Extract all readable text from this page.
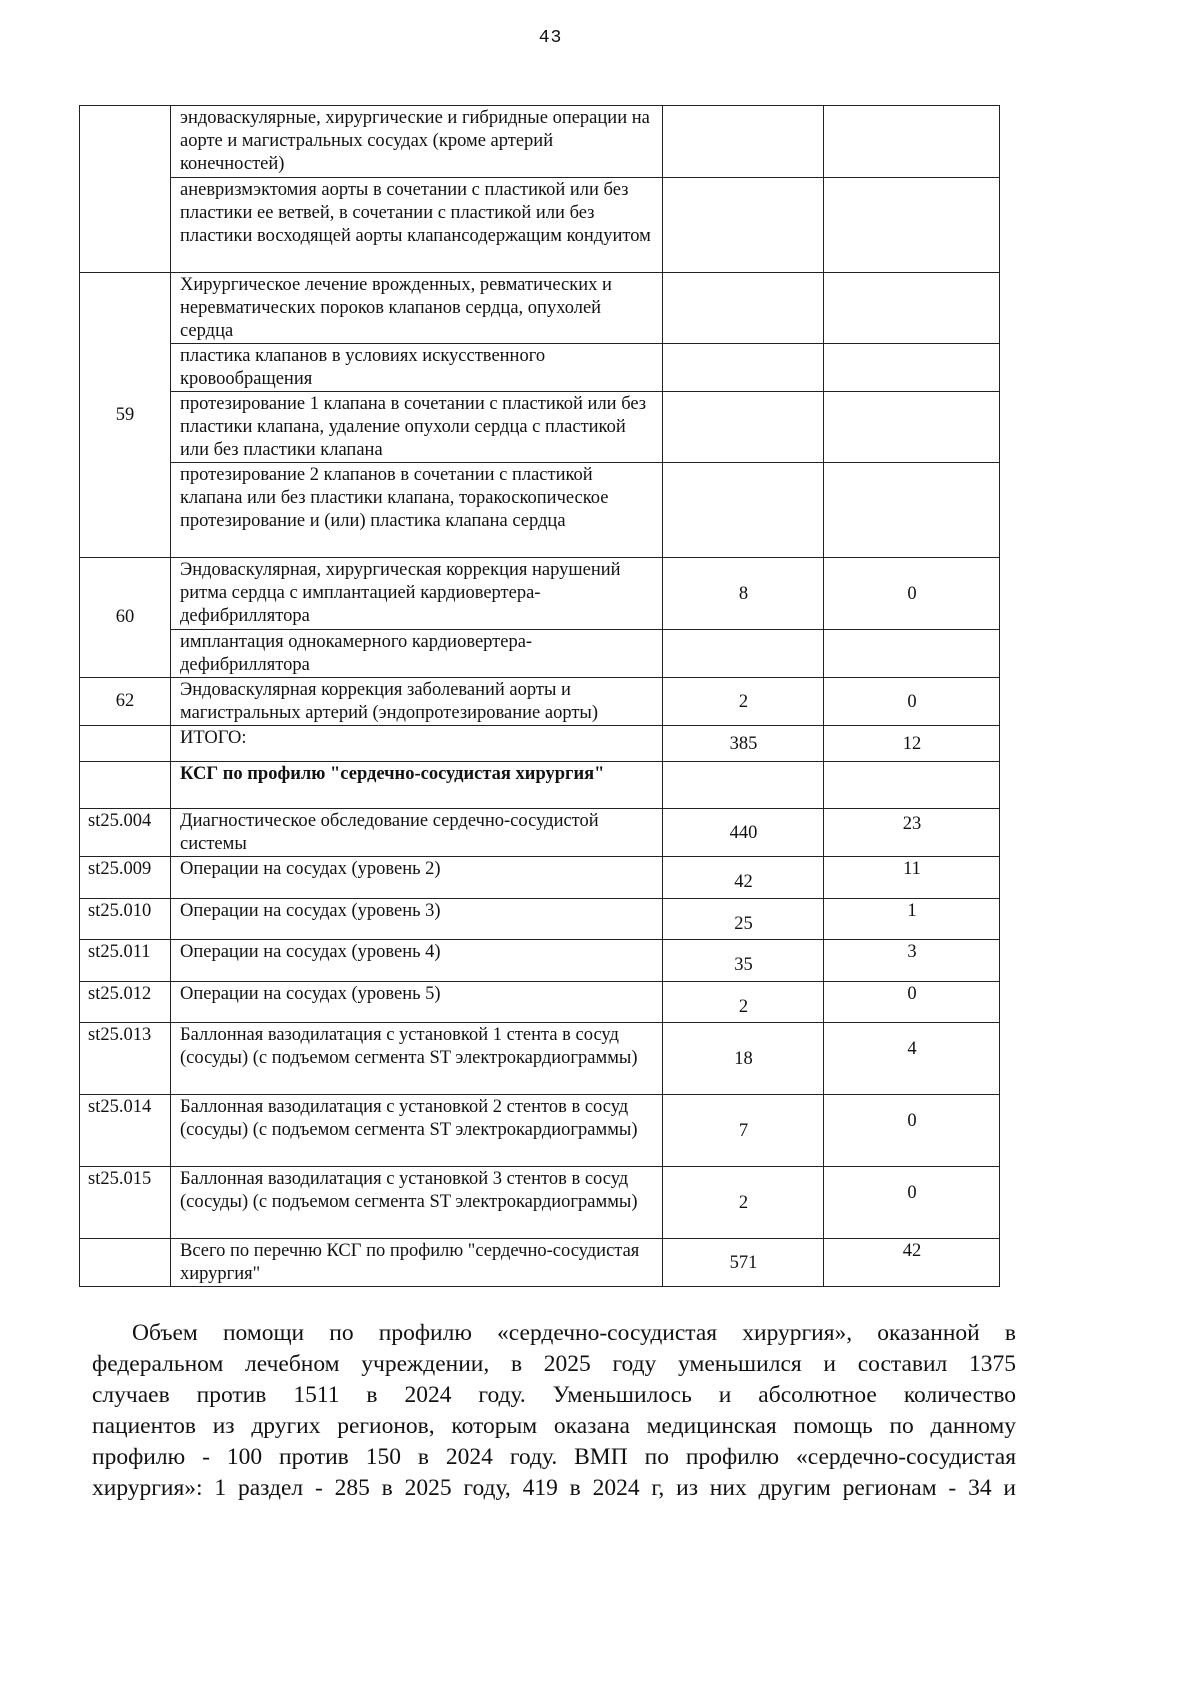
43
	эндоваскулярные, хирургические и гибридные операции на аорте и магистральных сосудах (кроме артерий конечностей)		
	аневризмэктомия аорты в сочетании с пластикой или без пластики ее ветвей, в сочетании с пластикой или без пластики восходящей аорты клапансодержащим кондуитом		
59	Хирургическое лечение врожденных, ревматических и неревматических пороков клапанов сердца, опухолей сердца		
	пластика клапанов в условиях искусственного кровообращения		
	протезирование 1 клапана в сочетании с пластикой или без пластики клапана, удаление опухоли сердца с пластикой или без пластики клапана		
	протезирование 2 клапанов в сочетании с пластикой клапана или без пластики клапана, торакоскопическое протезирование и (или) пластика клапана сердца		
60	Эндоваскулярная, хирургическая коррекция нарушений ритма сердца с имплантацией кардиовертера-дефибриллятора	8	0
	имплантация однокамерного кардиовертера-дефибриллятора		
62	Эндоваскулярная коррекция заболеваний аорты и магистральных артерий (эндопротезирование аорты)	2	0
	ИТОГО:	385	12
	КСГ по профилю "сердечно-сосудистая хирургия"		
st25.004	Диагностическое обследование сердечно-сосудистой системы	440	23
st25.009	Операции на сосудах (уровень 2)	42	11
st25.010	Операции на сосудах (уровень 3)	25	1
st25.011	Операции на сосудах (уровень 4)	35	3
st25.012	Операции на сосудах (уровень 5)	2	0
st25.013	Баллонная вазодилатация с установкой 1 стента в сосуд (сосуды) (с подъемом сегмента ST электрокардиограммы)	18	4
st25.014	Баллонная вазодилатация с установкой 2 стентов в сосуд (сосуды) (с подъемом сегмента ST электрокардиограммы)	7	0
st25.015	Баллонная вазодилатация с установкой 3 стентов в сосуд (сосуды) (с подъемом сегмента ST электрокардиограммы)	2	0
	Всего по перечню КСГ по профилю "сердечно-сосудистая хирургия"	571	42
Объем помощи по профилю «сердечно-сосудистая хирургия», оказанной в
федеральном лечебном учреждении, в 2025 году уменьшился и составил 1375
случаев против 1511 в 2024 году. Уменьшилось и абсолютное количество
пациентов из других регионов, которым оказана медицинская помощь по данному
профилю - 100 против 150 в 2024 году. ВМП по профилю «сердечно-сосудистая
хирургия»: 1 раздел - 285 в 2025 году, 419 в 2024 г, из них другим регионам - 34 и
